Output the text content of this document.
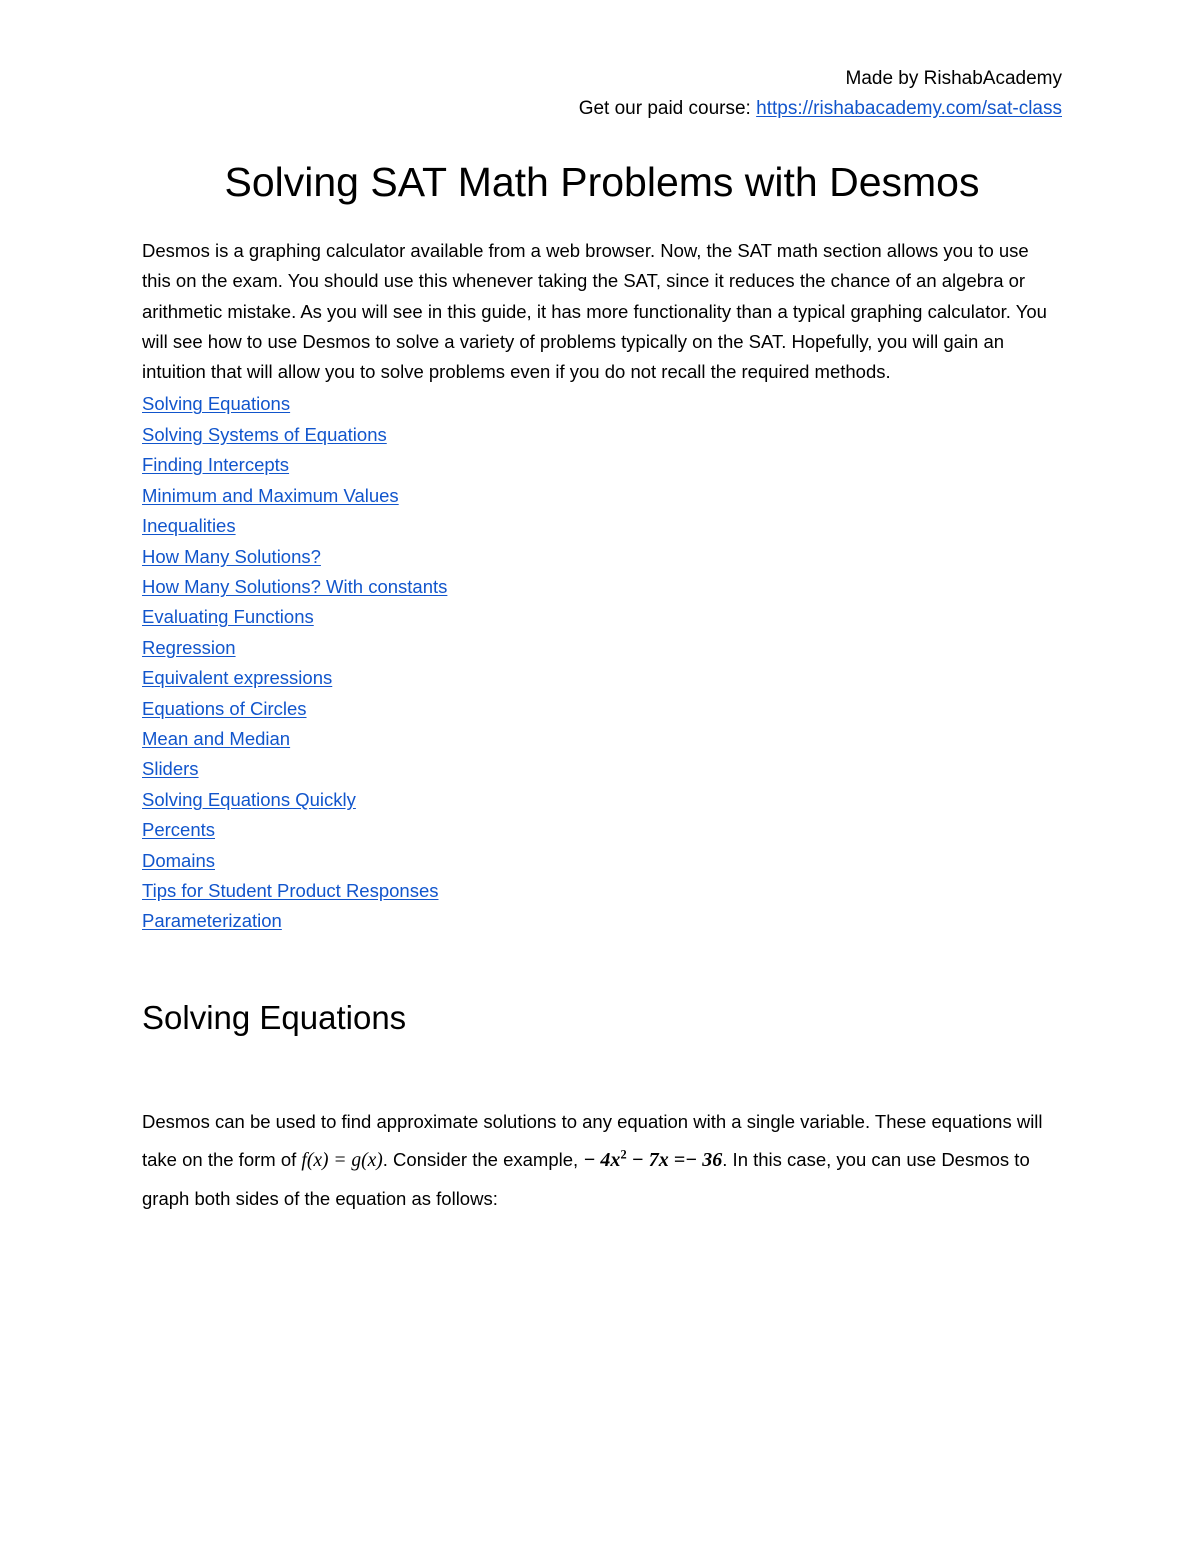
Made by RishabAcademy
Get our paid course: https://rishabacademy.com/sat-class
Solving SAT Math Problems with Desmos

Desmos is a graphing calculator available from a web browser. Now, the SAT math section allows you to use this on the exam. You should use this whenever taking the SAT, since it reduces the chance of an algebra or arithmetic mistake. As you will see in this guide, it has more functionality than a typical graphing calculator. You will see how to use Desmos to solve a variety of problems typically on the SAT. Hopefully, you will gain an intuition that will allow you to solve problems even if you do not recall the required methods.

Solving Equations
Solving Systems of Equations
Finding Intercepts
Minimum and Maximum Values
Inequalities
How Many Solutions?
How Many Solutions? With constants
Evaluating Functions
Regression
Equivalent expressions
Equations of Circles
Mean and Median
Sliders
Solving Equations Quickly
Percents
Domains
Tips for Student Product Responses
Parameterization
Solving Equations

Desmos can be used to find approximate solutions to any equation with a single variable. These equations will take on the form of f(x) = g(x). Consider the example, − $4x^2 - 7x =- 36$. In this case, you can use Desmos to graph both sides of the equation as follows:
